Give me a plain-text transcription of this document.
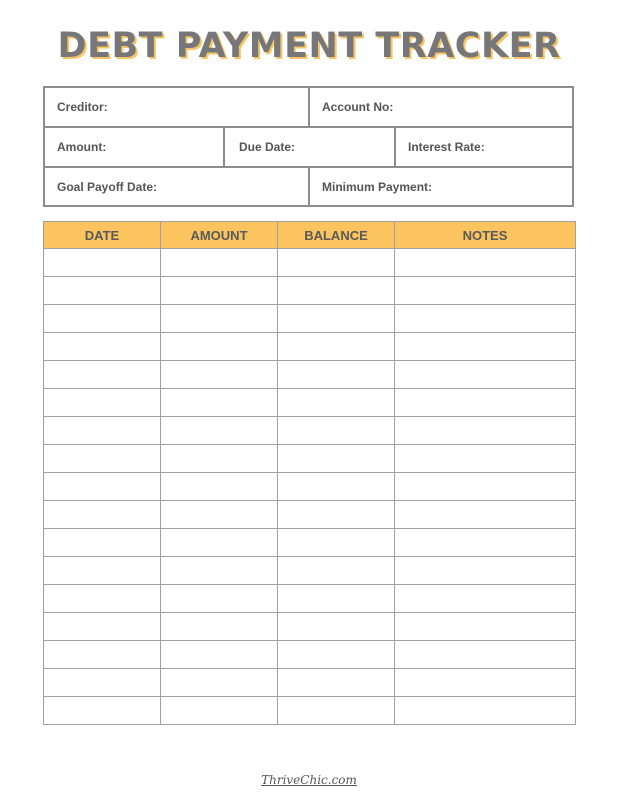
DEBT PAYMENT TRACKER
Creditor:	Account No:
Amount:	Due Date:	Interest Rate:
Goal Payoff Date:	Minimum Payment:
DATE	AMOUNT	BALANCE	NOTES

ThriveChic.com
